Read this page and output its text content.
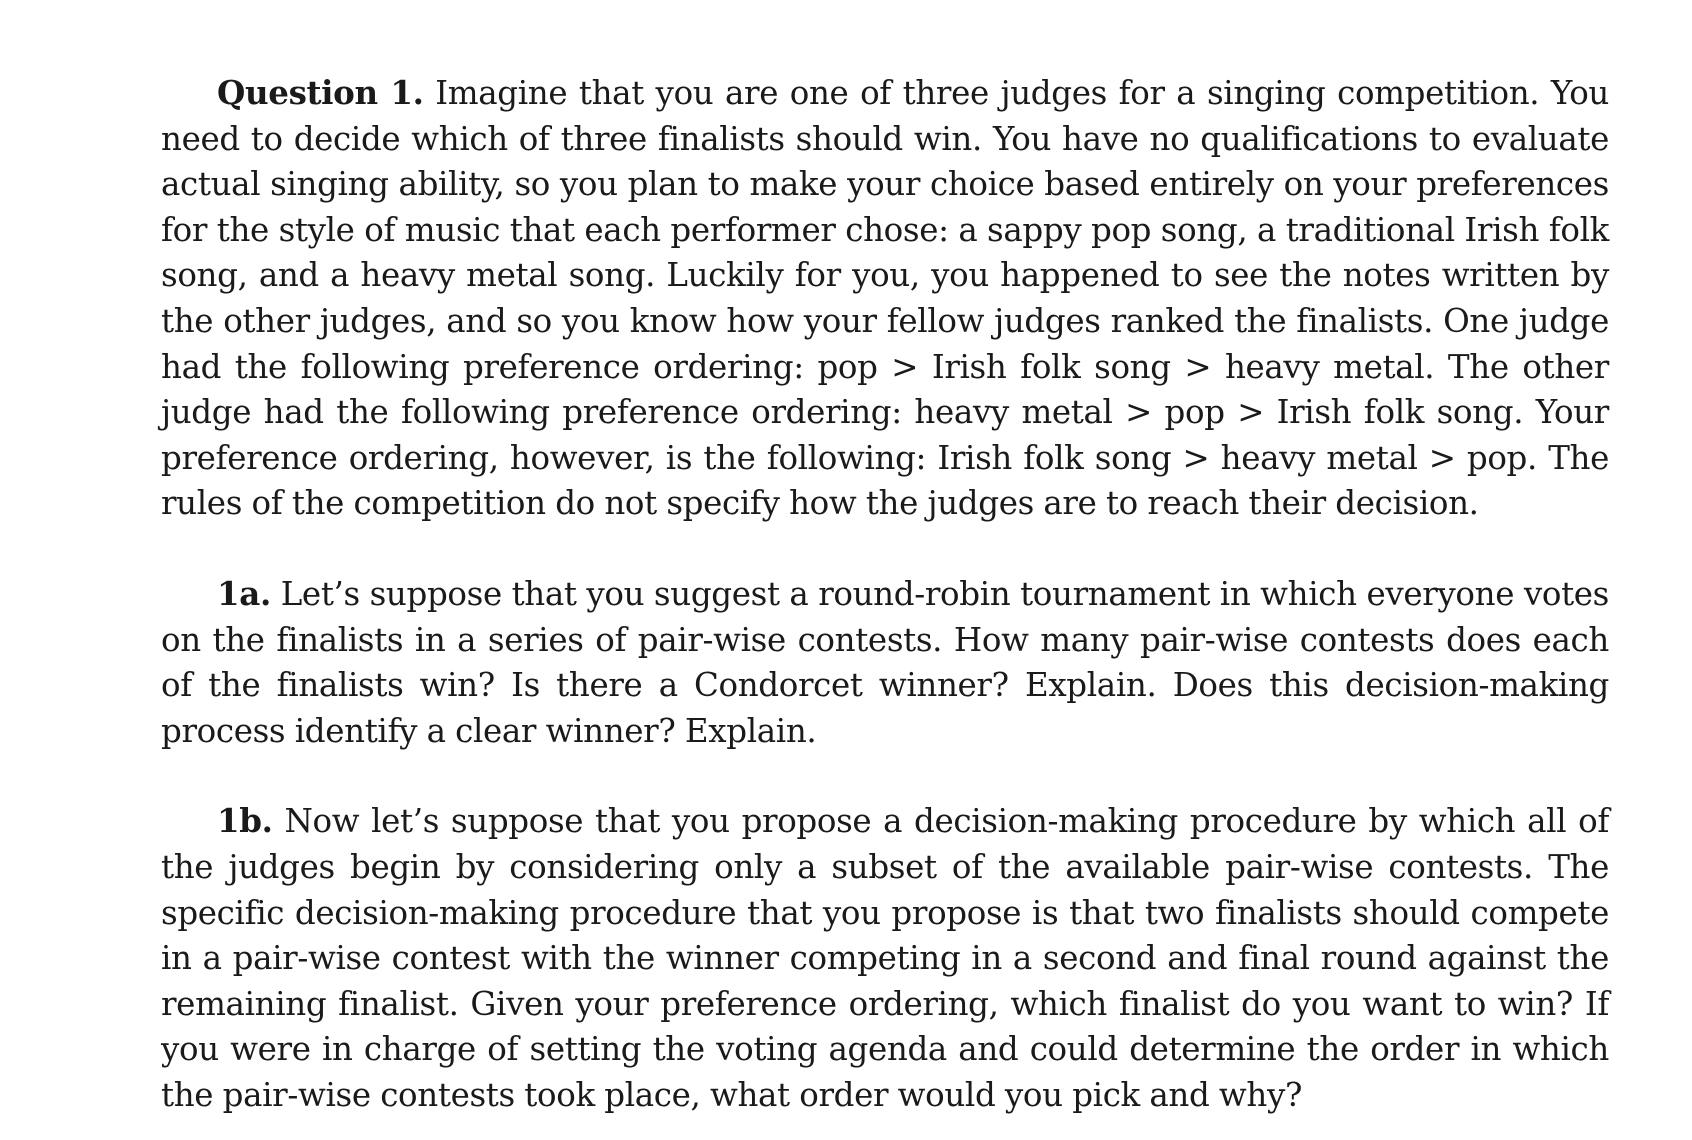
Question 1. Imagine that you are one of three judges for a singing competition. You need to decide which of three finalists should win. You have no qualifications to evaluate actual singing ability, so you plan to make your choice based entirely on your preferences for the style of music that each performer chose: a sappy pop song, a traditional Irish folk song, and a heavy metal song. Luckily for you, you happened to see the notes written by the other judges, and so you know how your fellow judges ranked the finalists. One judge had the following preference ordering: pop > Irish folk song > heavy metal. The other judge had the following preference ordering: heavy metal > pop > Irish folk song. Your preference ordering, however, is the following: Irish folk song > heavy metal > pop. The rules of the competition do not specify how the judges are to reach their decision.

1a. Let’s suppose that you suggest a round-robin tournament in which everyone votes on the finalists in a series of pair-wise contests. How many pair-wise contests does each of the finalists win? Is there a Condorcet winner? Explain. Does this decision-making process identify a clear winner? Explain.

1b. Now let’s suppose that you propose a decision-making procedure by which all of the judges begin by considering only a subset of the available pair-wise contests. The specific decision-making procedure that you propose is that two finalists should compete in a pair-wise contest with the winner competing in a second and final round against the remaining finalist. Given your preference ordering, which finalist do you want to win? If you were in charge of setting the voting agenda and could determine the order in which the pair-wise contests took place, what order would you pick and why?
